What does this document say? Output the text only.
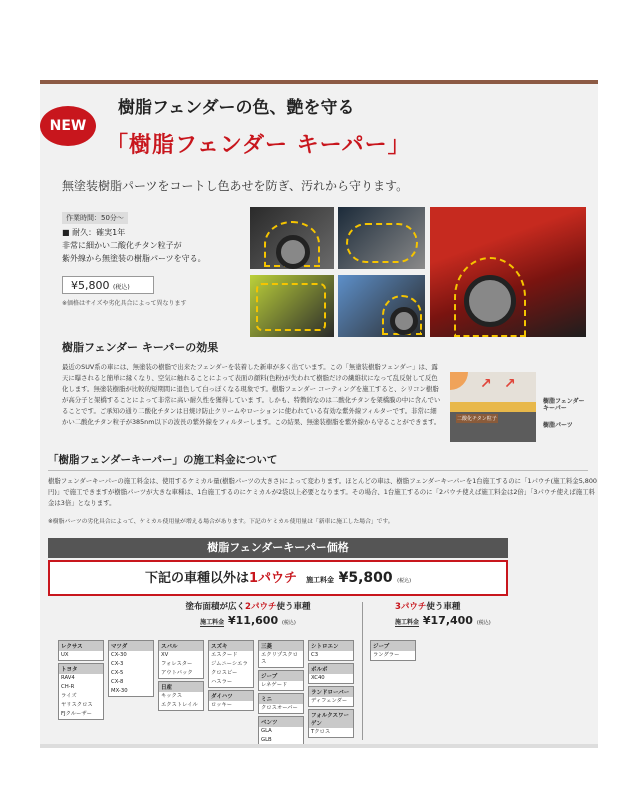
NEW
樹脂フェンダーの色、艶を守る
「樹脂フェンダー キーパー」
無塗装樹脂パーツをコートし色あせを防ぎ、汚れから守ります。
作業時間：50分～
■ 耐久：確実1年
非常に細かい二酸化チタン粒子が
紫外線から無塗装の樹脂パーツを守る。
¥5,800 (税込)
※価格はサイズや劣化具合によって異なります
樹脂フェンダー キーパーの効果
最近のSUV系の車には、無塗装の樹脂で出来たフェンダーを装着した新車が多く出ています。この「無塗装樹脂フェンダー」は、露天に曝されると簡単に縁くなり、空気に触れることによって表面の顔料(色粉)が失われて樹脂だけの繊維状になって乱反射して反色化します。無塗装樹脂が比較的短期間に退色して白っぽくなる現象です。樹脂フェンダー コーティングを施工すると、シリコン樹脂が高分子と架橋することによって非常に高い耐久性を獲得していま す。しかも、特徴的なのは二酸化チタンを架橋膜の中に含んでいることです。ご承知の通り二酸化チタンは日焼け防止クリームやローションに使われている有効な紫外線フィルターです。非常に細かい二酸化チタン粒子が385nm以下の波長の紫外線をフィルターします。この結果、無塗装樹脂を紫外線から守ることができます。
↗ ↗
二酸化チタン粒子
樹脂フェンダー キーパー
樹脂パーツ
「樹脂フェンダーキーパー」の施工料金について
樹脂フェンダーキーパーの施工料金は、使用するケミカル量(樹脂パーツの大きさ)によって変わります。ほとんどの車は、樹脂フェンダーキーパーを1台施工するのに「1パウチ(施工料金5,800円)」で施工できますが樹脂パーツが大きな車種は、1台施工するのにケミカルが2袋以上必要となります。その場合、1台施工するのに「2パウチ使えば施工料金は2倍」「3パウチ使えば施工料金は3倍」となります。
※樹脂パーツの劣化具合によって、ケミカル使用量が増える場合があります。下記のケミカル使用量は「新車に施工した場合」です。
樹脂フェンダーキーパー価格
下記の車種以外は1パウチ 施工料金 ¥5,800 (税込)
塗布面積が広く2パウチ使う車種
施工料金 ¥11,600 (税込)
3パウチ使う車種
施工料金 ¥17,400 (税込)
レクサス
UX
トヨタ
RAV4
CH-R
ライズ
ヤリスクロス
FJクルーザー
マツダ
CX-30
CX-3
CX-5
CX-8
MX-30
スバル
XV
フォレスター
アウトバック
日産
キックス
エクストレイル
スズキ
エスクード
ジムニーシエラ
クロスビー
ハスラー
ダイハツ
ロッキー
三菱
エクリプスクロス
ジープ
レネゲード
ミニ
クロスオーバー
ベンツ
GLA
GLB
シトロエン
C3
ボルボ
XC40
ランドローバー
ディフェンダー
フォルクスワーゲン
Tクロス
ジープ
ラングラー
